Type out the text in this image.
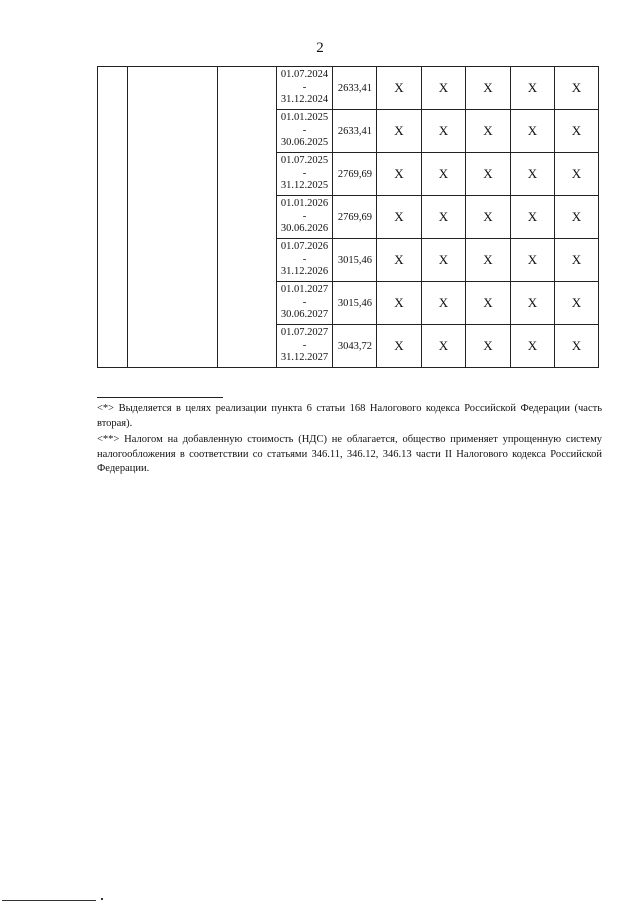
2

			01.07.2024
-
31.12.2024	2633,41	X	X	X	X	X

			01.01.2025
-
30.06.2025	2633,41	X	X	X	X	X

			01.07.2025
-
31.12.2025	2769,69	X	X	X	X	X

			01.01.2026
-
30.06.2026	2769,69	X	X	X	X	X

			01.07.2026
-
31.12.2026	3015,46	X	X	X	X	X

			01.01.2027
-
30.06.2027	3015,46	X	X	X	X	X

			01.07.2027
-
31.12.2027	3043,72	X	X	X	X	X

<*> Выделяется в целях реализации пункта 6 статьи 168 Налогового кодекса Российской Федерации (часть вторая).

<**> Налогом на добавленную стоимость (НДС) не облагается, общество применяет упрощенную систему налогообложения в соответствии со статьями 346.11, 346.12, 346.13 части II Налогового кодекса Российской Федерации.
